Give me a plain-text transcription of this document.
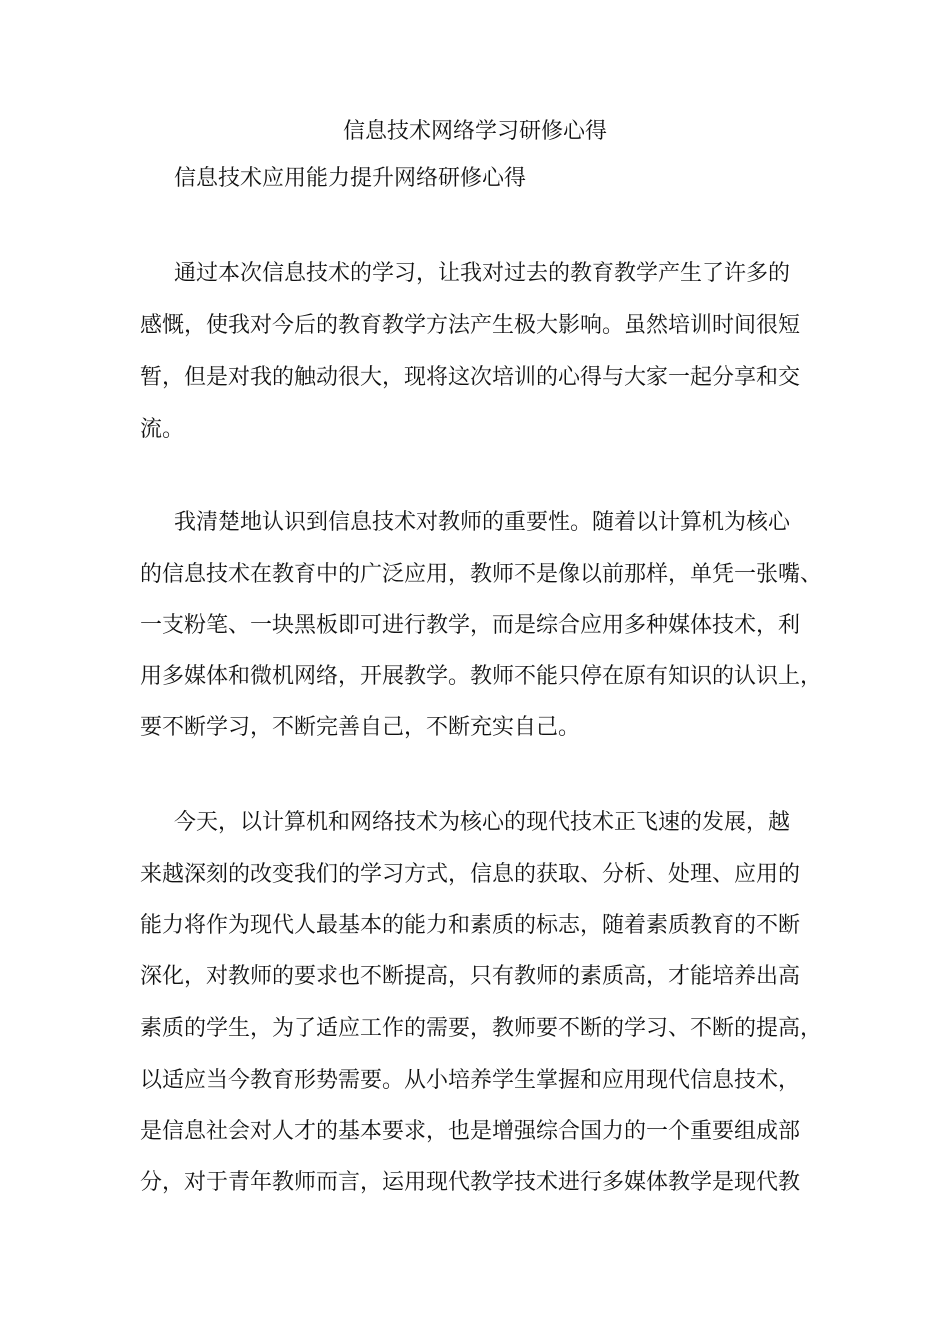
信息技术网络学习研修心得
信息技术应用能力提升网络研修心得
通过本次信息技术的学习，让我对过去的教育教学产生了许多的
感慨，使我对今后的教育教学方法产生极大影响。虽然培训时间很短
暂，但是对我的触动很大，现将这次培训的心得与大家一起分享和交
流。
我清楚地认识到信息技术对教师的重要性。随着以计算机为核心
的信息技术在教育中的广泛应用，教师不是像以前那样，单凭一张嘴、
一支粉笔、一块黑板即可进行教学，而是综合应用多种媒体技术，利
用多媒体和微机网络，开展教学。教师不能只停在原有知识的认识上，
要不断学习，不断完善自己，不断充实自己。
今天，以计算机和网络技术为核心的现代技术正飞速的发展，越
来越深刻的改变我们的学习方式，信息的获取、分析、处理、应用的
能力将作为现代人最基本的能力和素质的标志，随着素质教育的不断
深化，对教师的要求也不断提高，只有教师的素质高，才能培养出高
素质的学生，为了适应工作的需要，教师要不断的学习、不断的提高，
以适应当今教育形势需要。从小培养学生掌握和应用现代信息技术，
是信息社会对人才的基本要求，也是增强综合国力的一个重要组成部
分，对于青年教师而言，运用现代教学技术进行多媒体教学是现代教
